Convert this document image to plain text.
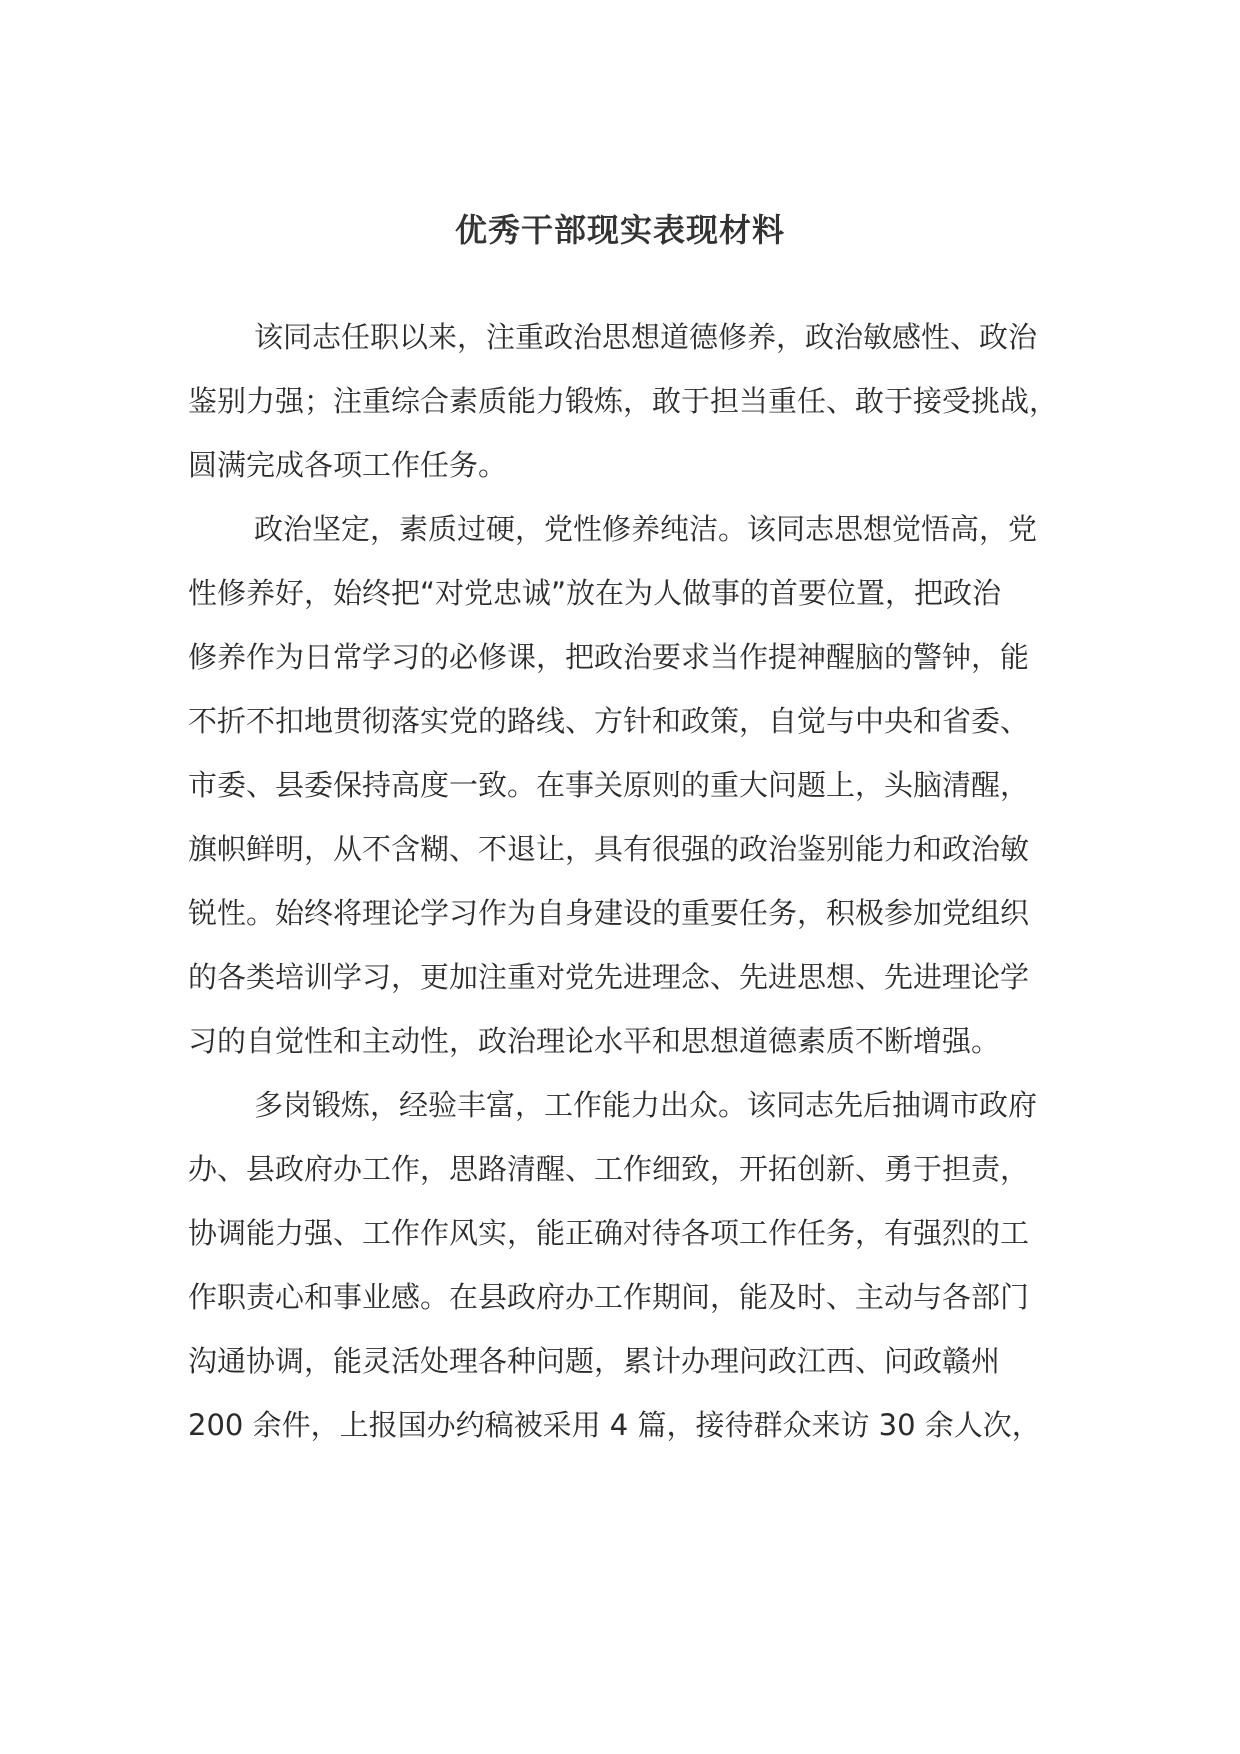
优秀干部现实表现材料
该同志任职以来，注重政治思想道德修养，政治敏感性、政治
鉴别力强；注重综合素质能力锻炼，敢于担当重任、敢于接受挑战，
圆满完成各项工作任务。
政治坚定，素质过硬，党性修养纯洁。该同志思想觉悟高，党
性修养好，始终把“对党忠诚”放在为人做事的首要位置，把政治
修养作为日常学习的必修课，把政治要求当作提神醒脑的警钟，能
不折不扣地贯彻落实党的路线、方针和政策，自觉与中央和省委、
市委、县委保持高度一致。在事关原则的重大问题上，头脑清醒，
旗帜鲜明，从不含糊、不退让，具有很强的政治鉴别能力和政治敏
锐性。始终将理论学习作为自身建设的重要任务，积极参加党组织
的各类培训学习，更加注重对党先进理念、先进思想、先进理论学
习的自觉性和主动性，政治理论水平和思想道德素质不断增强。
多岗锻炼，经验丰富，工作能力出众。该同志先后抽调市政府
办、县政府办工作，思路清醒、工作细致，开拓创新、勇于担责，
协调能力强、工作作风实，能正确对待各项工作任务，有强烈的工
作职责心和事业感。在县政府办工作期间，能及时、主动与各部门
沟通协调，能灵活处理各种问题，累计办理问政江西、问政赣州
200 余件，上报国办约稿被采用 4 篇，接待群众来访 30 余人次，
